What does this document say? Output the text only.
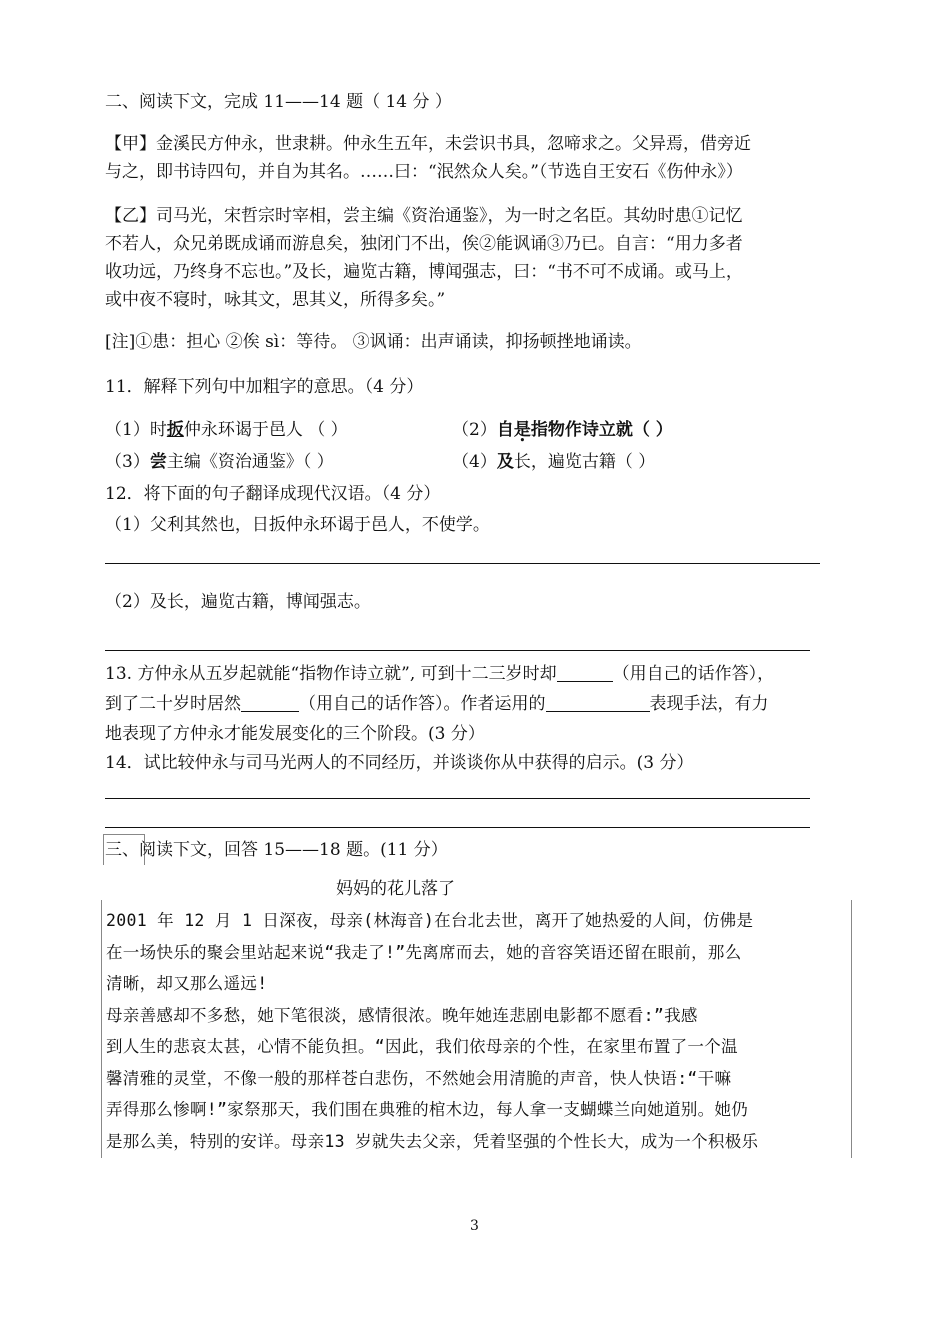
二、阅读下文，完成 11——14 题（ 14 分 ）
【甲】金溪民方仲永，世隶耕。仲永生五年，未尝识书具，忽啼求之。父异焉，借旁近
与之，即书诗四句，并自为其名。……曰：“泯然众人矣。”（节选自王安石《伤仲永》）
【乙】司马光，宋哲宗时宰相，尝主编《资治通鉴》，为一时之名臣。其幼时患①记忆
不若人，众兄弟既成诵而游息矣，独闭门不出，俟②能讽诵③乃已。自言：“用力多者
收功远，乃终身不忘也。”及长，遍览古籍，博闻强志，曰：“书不可不成诵。或马上，
或中夜不寝时，咏其文，思其义，所得多矣。”
[注]①患：担心 ②俟 sì：等待。 ③讽诵：出声诵读，抑扬顿挫地诵读。
11．解释下列句中加粗字的意思。（4 分）
（1）时扳仲永环谒于邑人 （ ）	（2）自是指物作诗立就（ ）
（3）尝主编《资治通鉴》（ ）	（4）及长，遍览古籍（ ）
12．将下面的句子翻译成现代汉语。（4 分）
（1）父利其然也，日扳仲永环谒于邑人，不使学。
（2）及长，遍览古籍，博闻强志。
13. 方仲永从五岁起就能“指物作诗立就”, 可到十二三岁时却	（用自己的话作答），
到了二十岁时居然	（用自己的话作答）。作者运用的	表现手法，有力
地表现了方仲永才能发展变化的三个阶段。(3 分）
14．试比较仲永与司马光两人的不同经历，并谈谈你从中获得的启示。(3 分）
三、阅读下文，回答 15——18 题。(11 分）
妈妈的花儿落了
2001 年 12 月 1 日深夜，母亲(林海音)在台北去世，离开了她热爱的人间，仿佛是
在一场快乐的聚会里站起来说“我走了!”先离席而去，她的音容笑语还留在眼前，那么
清晰，却又那么遥远!
母亲善感却不多愁，她下笔很淡，感情很浓。晚年她连悲剧电影都不愿看:”我感
到人生的悲哀太甚，心情不能负担。“因此，我们依母亲的个性，在家里布置了一个温
馨清雅的灵堂，不像一般的那样苍白悲伤，不然她会用清脆的声音，快人快语:“干嘛
弄得那么惨啊!”家祭那天，我们围在典雅的棺木边，每人拿一支蝴蝶兰向她道别。她仍
是那么美，特别的安详。母亲13 岁就失去父亲，凭着坚强的个性长大，成为一个积极乐
3
